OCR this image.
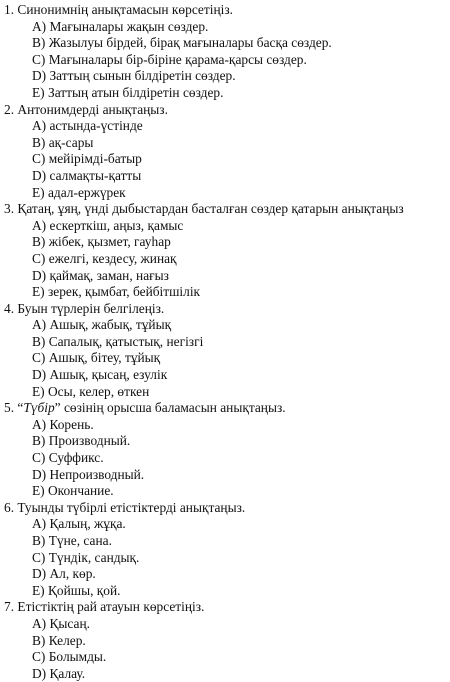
1. Синонимнің анықтамасын көрсетіңіз.
А) Мағыналары жақын сөздер.
В) Жазылуы бірдей, бірақ мағыналары басқа сөздер.
С) Мағыналары бір-біріне қарама-қарсы сөздер.
D) Заттың сынын білдіретін сөздер.
Е) Заттың атын білдіретін сөздер.
2. Антонимдерді анықтаңыз.
А) астында-үстінде
В) ақ-сары
С) мейірімді-батыр
D) салмақты-қатты
Е) адал-ержүрек
3. Қатаң, ұяң, үнді дыбыстардан басталған сөздер қатарын анықтаңыз
А) ескерткіш, аңыз, қамыс
В) жібек, қызмет, гауһар
С) ежелгі, кездесу, жинақ
D) қаймақ, заман, нағыз
Е) зерек, қымбат, бейбітшілік
4. Буын түрлерін белгілеңіз.
А) Ашық, жабық, тұйық
В) Сапалық, қатыстық, негізгі
С) Ашық, бітеу, тұйық
D) Ашық, қысаң, езулік
Е) Осы, келер, өткен
5. “Түбір” сөзінің орысша баламасын анықтаңыз.
А) Корень.
В) Производный.
С) Суффикс.
D) Непроизводный.
Е) Окончание.
6. Туынды түбірлі етістіктерді анықтаңыз.
А) Қалың, жұқа.
В) Түне, сана.
С) Түндік, сандық.
D) Ал, көр.
Е) Қойшы, қой.
7. Етістіктің рай атауын көрсетіңіз.
А) Қысаң.
В) Келер.
С) Болымды.
D) Қалау.
